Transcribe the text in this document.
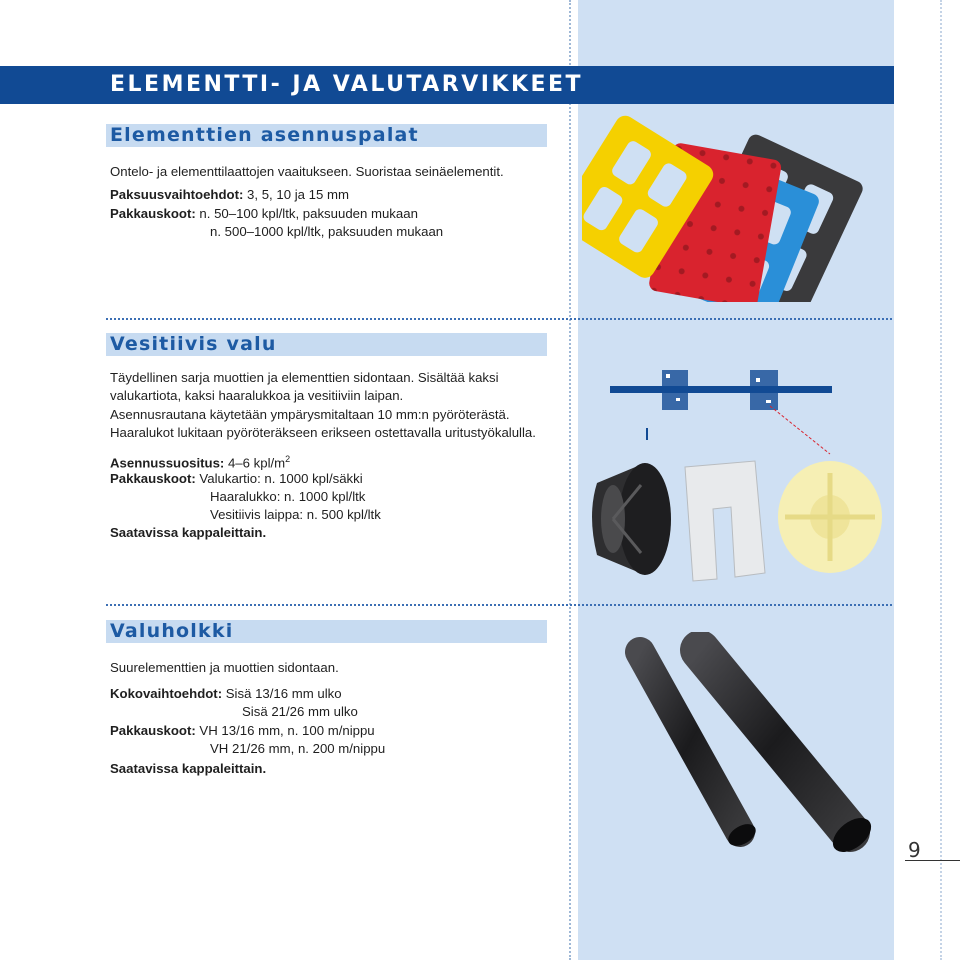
ELEMENTTI- JA VALUTARVIKKEET
Elementtien asennuspalat
Ontelo- ja elementtilaattojen vaaitukseen. Suoristaa seinäelementit.
Paksuusvaihtoehdot: 3, 5, 10 ja 15 mm
Pakkauskoot: n. 50–100 kpl/ltk, paksuuden mukaan
n. 500–1000 kpl/ltk, paksuuden mukaan
Vesitiivis valu
Täydellinen sarja muottien ja elementtien sidontaan. Sisältää kaksi
valukartiota, kaksi haaralukkoa ja vesitiiviin laipan.
Asennusrautana käytetään ympärysmitaltaan 10 mm:n pyöröterästä.
Haaralukot lukitaan pyöröteräkseen erikseen ostettavalla uritustyökalulla.
Asennussuositus: 4–6 kpl/$m^2$
Pakkauskoot: Valukartio: n. 1000 kpl/säkki
Haaralukko: n. 1000 kpl/ltk
Vesitiivis laippa: n. 500 kpl/ltk
Saatavissa kappaleittain.
Valuholkki
Suurelementtien ja muottien sidontaan.
Kokovaihtoehdot: Sisä 13/16 mm ulko
Sisä 21/26 mm ulko
Pakkauskoot: VH 13/16 mm, n. 100 m/nippu
VH 21/26 mm, n. 200 m/nippu
Saatavissa kappaleittain.
9
